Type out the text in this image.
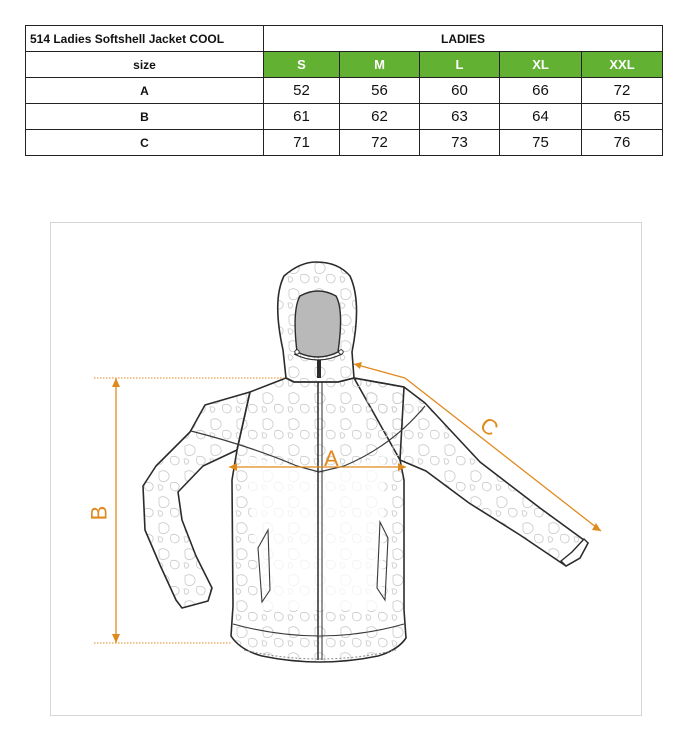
514 Ladies Softshell Jacket COOL	LADIES				
size	S	M	L	XL	XXL
A	52	56	60	66	72
B	61	62	63	64	65
C	71	72	73	75	76
A
B
C
